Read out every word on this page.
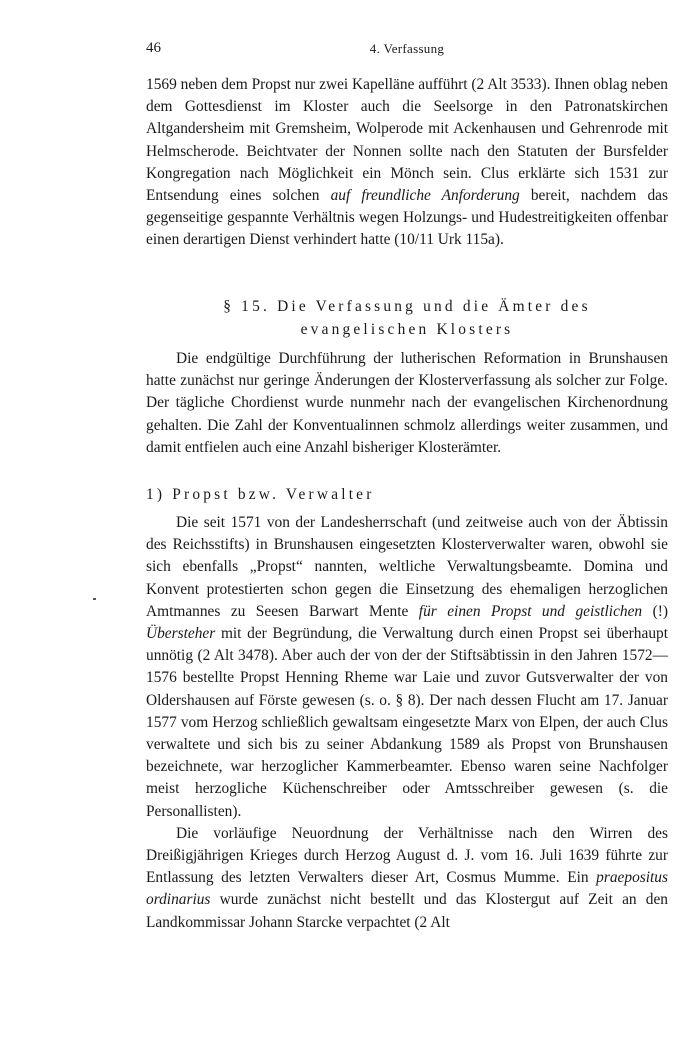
46	4. Verfassung

1569 neben dem Propst nur zwei Kapelläne aufführt (2 Alt 3533). Ihnen oblag neben dem Gottesdienst im Kloster auch die Seelsorge in den Patronatskirchen Altgandersheim mit Gremsheim, Wolperode mit Ackenhausen und Gehrenrode mit Helmscherode. Beichtvater der Nonnen sollte nach den Statuten der Bursfelder Kongregation nach Möglichkeit ein Mönch sein. Clus erklärte sich 1531 zur Entsendung eines solchen auf freundliche Anforderung bereit, nachdem das gegenseitige gespannte Verhältnis wegen Holzungs- und Hudestreitigkeiten offenbar einen derartigen Dienst verhindert hatte (10/11 Urk 115a).

§ 15. Die Verfassung und die Ämter des
evangelischen Klosters

Die endgültige Durchführung der lutherischen Reformation in Brunshausen hatte zunächst nur geringe Änderungen der Klosterverfassung als solcher zur Folge. Der tägliche Chordienst wurde nunmehr nach der evangelischen Kirchenordnung gehalten. Die Zahl der Konventualinnen schmolz allerdings weiter zusammen, und damit entfielen auch eine Anzahl bisheriger Klosterämter.

1) Propst bzw. Verwalter

Die seit 1571 von der Landesherrschaft (und zeitweise auch von der Äbtissin des Reichsstifts) in Brunshausen eingesetzten Klosterverwalter waren, obwohl sie sich ebenfalls „Propst“ nannten, weltliche Verwaltungsbeamte. Domina und Konvent protestierten schon gegen die Einsetzung des ehemaligen herzoglichen Amtmannes zu Seesen Barwart Mente für einen Propst und geistlichen (!) Übersteher mit der Begründung, die Verwaltung durch einen Propst sei überhaupt unnötig (2 Alt 3478). Aber auch der von der der Stiftsäbtissin in den Jahren 1572—1576 bestellte Propst Henning Rheme war Laie und zuvor Gutsverwalter der von Oldershausen auf Förste gewesen (s. o. § 8). Der nach dessen Flucht am 17. Januar 1577 vom Herzog schließlich gewaltsam eingesetzte Marx von Elpen, der auch Clus verwaltete und sich bis zu seiner Abdankung 1589 als Propst von Brunshausen bezeichnete, war herzoglicher Kammerbeamter. Ebenso waren seine Nachfolger meist herzogliche Küchenschreiber oder Amtsschreiber gewesen (s. die Personallisten).

Die vorläufige Neuordnung der Verhältnisse nach den Wirren des Dreißigjährigen Krieges durch Herzog August d. J. vom 16. Juli 1639 führte zur Entlassung des letzten Verwalters dieser Art, Cosmus Mumme. Ein praepositus ordinarius wurde zunächst nicht bestellt und das Klostergut auf Zeit an den Landkommissar Johann Starcke verpachtet (2 Alt
